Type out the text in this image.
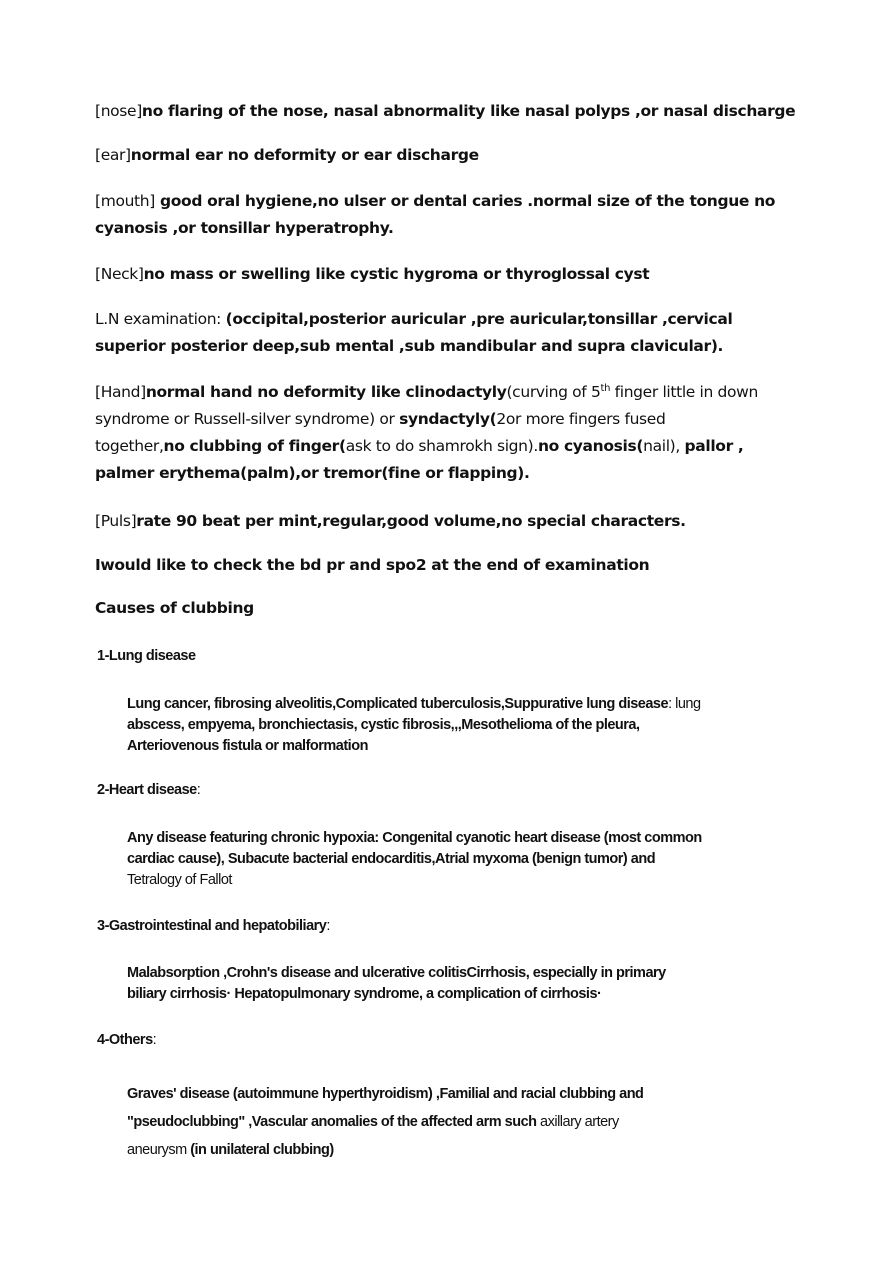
[nose]no flaring of the nose, nasal abnormality like nasal polyps ,or nasal discharge
[ear]normal ear no deformity or ear discharge
[mouth] good oral hygiene,no ulser or dental caries .normal size of the tongue no
cyanosis ,or tonsillar hyperatrophy.
[Neck]no mass or swelling like cystic hygroma or thyroglossal cyst
L.N examination: (occipital,posterior auricular ,pre auricular,tonsillar ,cervical
superior posterior deep,sub mental ,sub mandibular and supra clavicular).
[Hand]normal hand no deformity like clinodactyly(curving of 5th finger little in down
syndrome or Russell-silver syndrome) or syndactyly(2or more fingers fused
together,no clubbing of finger(ask to do shamrokh sign).no cyanosis(nail), pallor ,
palmer erythema(palm),or tremor(fine or flapping).
[Puls]rate 90 beat per mint,regular,good volume,no special characters.
Iwould like to check the bd pr and spo2 at the end of examination
Causes of clubbing
1-Lung disease
Lung cancer, fibrosing alveolitis,Complicated tuberculosis,Suppurative lung disease: lung
abscess, empyema, bronchiectasis, cystic fibrosis,,,Mesothelioma of the pleura,
Arteriovenous fistula or malformation
2-Heart disease:
Any disease featuring chronic hypoxia: Congenital cyanotic heart disease (most common
cardiac cause), Subacute bacterial endocarditis,Atrial myxoma (benign tumor) and
Tetralogy of Fallot
3-Gastrointestinal and hepatobiliary:
Malabsorption ,Crohn's disease and ulcerative colitisCirrhosis, especially in primary
biliary cirrhosis· Hepatopulmonary syndrome, a complication of cirrhosis·
4-Others:
Graves' disease (autoimmune hyperthyroidism) ,Familial and racial clubbing and
"pseudoclubbing" ,Vascular anomalies of the affected arm such axillary artery
aneurysm (in unilateral clubbing)
